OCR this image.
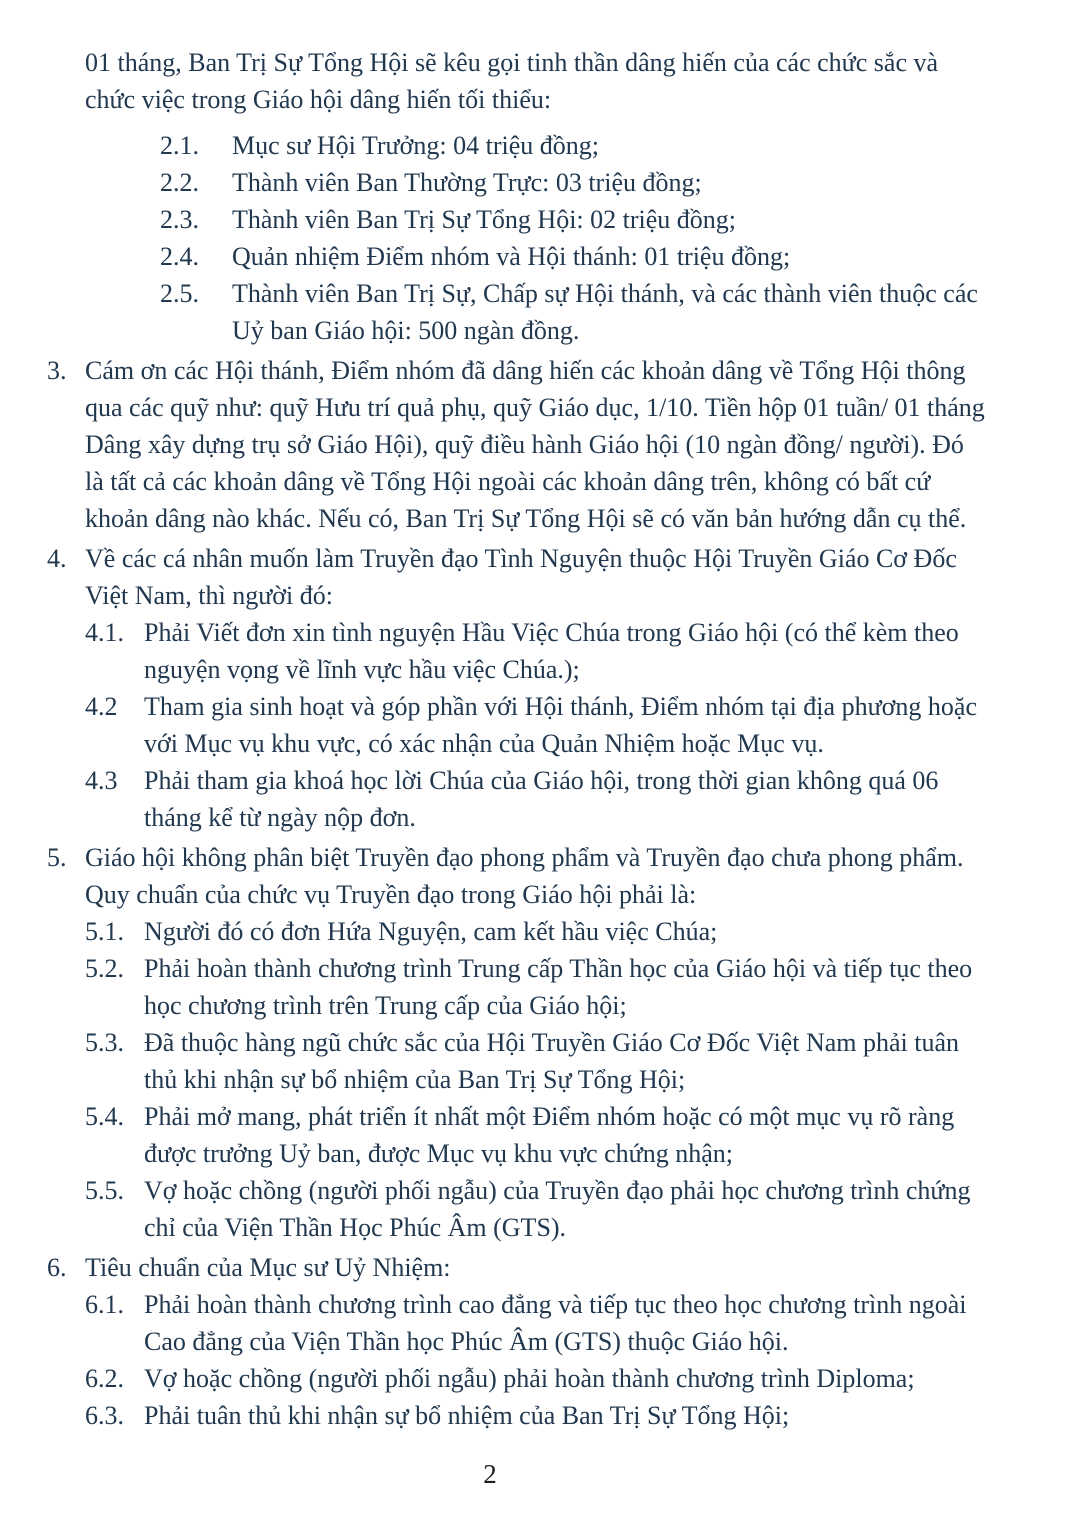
01 tháng, Ban Trị Sự Tổng Hội sẽ kêu gọi tinh thần dâng hiến của các chức sắc và chức việc trong Giáo hội dâng hiến tối thiểu:
2.1. Mục sư Hội Trưởng: 04 triệu đồng;
2.2. Thành viên Ban Thường Trực: 03 triệu đồng;
2.3. Thành viên Ban Trị Sự Tổng Hội: 02 triệu đồng;
2.4. Quản nhiệm Điểm nhóm và Hội thánh: 01 triệu đồng;
2.5. Thành viên Ban Trị Sự, Chấp sự Hội thánh, và các thành viên thuộc các Uỷ ban Giáo hội: 500 ngàn đồng.
3. Cám ơn các Hội thánh, Điểm nhóm đã dâng hiến các khoản dâng về Tổng Hội thông qua các quỹ như: quỹ Hưu trí quả phụ, quỹ Giáo dục, 1/10. Tiền hộp 01 tuần/ 01 tháng Dâng xây dựng trụ sở Giáo Hội), quỹ điều hành Giáo hội (10 ngàn đồng/ người). Đó là tất cả các khoản dâng về Tổng Hội ngoài các khoản dâng trên, không có bất cứ khoản dâng nào khác. Nếu có, Ban Trị Sự Tổng Hội sẽ có văn bản hướng dẫn cụ thể.
4. Về các cá nhân muốn làm Truyền đạo Tình Nguyện thuộc Hội Truyền Giáo Cơ Đốc Việt Nam, thì người đó:
4.1. Phải Viết đơn xin tình nguyện Hầu Việc Chúa trong Giáo hội (có thể kèm theo nguyện vọng về lĩnh vực hầu việc Chúa.);
4.2 Tham gia sinh hoạt và góp phần với Hội thánh, Điểm nhóm tại địa phương hoặc với Mục vụ khu vực, có xác nhận của Quản Nhiệm hoặc Mục vụ.
4.3 Phải tham gia khoá học lời Chúa của Giáo hội, trong thời gian không quá 06 tháng kể từ ngày nộp đơn.
5. Giáo hội không phân biệt Truyền đạo phong phẩm và Truyền đạo chưa phong phẩm. Quy chuẩn của chức vụ Truyền đạo trong Giáo hội phải là:
5.1. Người đó có đơn Hứa Nguyện, cam kết hầu việc Chúa;
5.2. Phải hoàn thành chương trình Trung cấp Thần học của Giáo hội và tiếp tục theo học chương trình trên Trung cấp của Giáo hội;
5.3. Đã thuộc hàng ngũ chức sắc của Hội Truyền Giáo Cơ Đốc Việt Nam phải tuân thủ khi nhận sự bổ nhiệm của Ban Trị Sự Tổng Hội;
5.4. Phải mở mang, phát triển ít nhất một Điểm nhóm hoặc có một mục vụ rõ ràng được trưởng Uỷ ban, được Mục vụ khu vực chứng nhận;
5.5. Vợ hoặc chồng (người phối ngẫu) của Truyền đạo phải học chương trình chứng chỉ của Viện Thần Học Phúc Âm (GTS).
6. Tiêu chuẩn của Mục sư Uỷ Nhiệm:
6.1. Phải hoàn thành chương trình cao đẳng và tiếp tục theo học chương trình ngoài Cao đẳng của Viện Thần học Phúc Âm (GTS) thuộc Giáo hội.
6.2. Vợ hoặc chồng (người phối ngẫu) phải hoàn thành chương trình Diploma;
6.3. Phải tuân thủ khi nhận sự bổ nhiệm của Ban Trị Sự Tổng Hội;
2
